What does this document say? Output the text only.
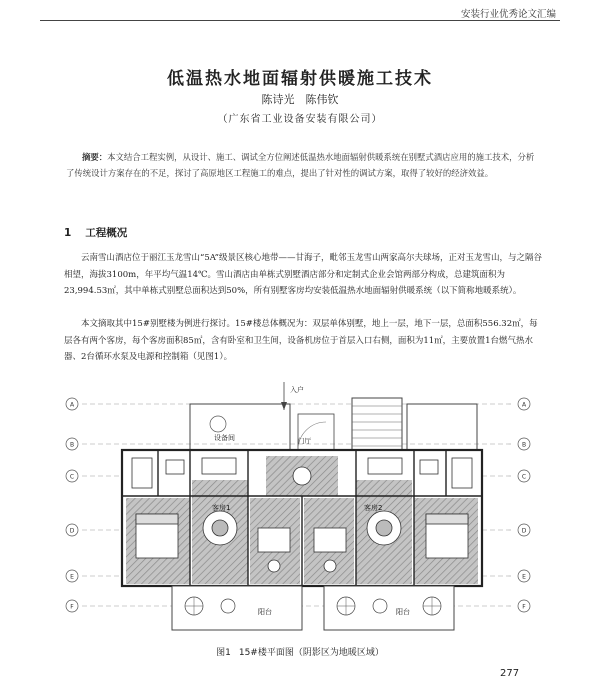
安装行业优秀论文汇编
低温热水地面辐射供暖施工技术
陈诗光　陈伟钦
（广东省工业设备安装有限公司）
摘要：本文结合工程实例，从设计、施工、调试全方位阐述低温热水地面辐射供暖系统在别墅式酒店应用的施工技术，分析了传统设计方案存在的不足，探讨了高原地区工程施工的难点，提出了针对性的调试方案，取得了较好的经济效益。
1 工程概况

云南雪山酒店位于丽江玉龙雪山“5A”级景区核心地带——甘海子，毗邻玉龙雪山两家高尔夫球场，正对玉龙雪山，与之隔谷相望，海拔3100m，年平均气温14℃。雪山酒店由单栋式别墅酒店部分和定制式企业会馆两部分构成，总建筑面积为23,994.53㎡，其中单栋式别墅总面积达到50%，所有别墅客房均安装低温热水地面辐射供暖系统（以下简称地暖系统）。

本文摘取其中15#别墅楼为例进行探讨。15#楼总体概况为：双层单体别墅，地上一层，地下一层，总面积556.32㎡，每层各有两个客房，每个客房面积85㎡，含有卧室和卫生间，设备机房位于首层入口右侧，面积为11㎡，主要放置1台燃气热水器、2台循环水泵及电源和控制箱（见图1）。

A
B
C
D
E
F
A
B
C
D
E
F
入户
设备间	门厅
客房1	客房2
阳台	阳台
图1 15#楼平面图（阴影区为地暖区域）
277
